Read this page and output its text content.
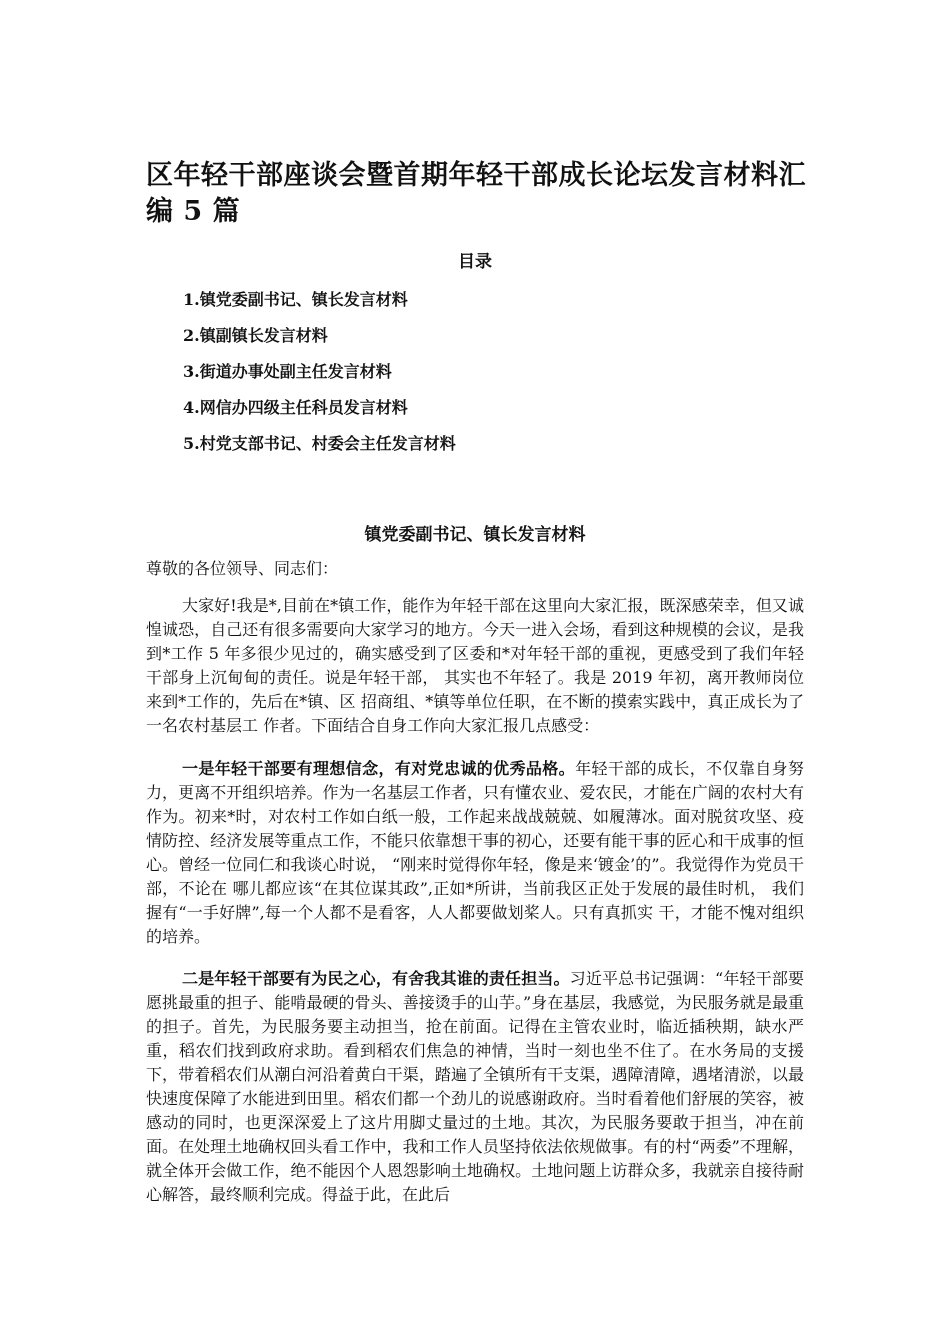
区年轻干部座谈会暨首期年轻干部成长论坛发言材料汇编 5 篇
目录
1.镇党委副书记、镇长发言材料
2.镇副镇长发言材料
3.街道办事处副主任发言材料
4.网信办四级主任科员发言材料
5.村党支部书记、村委会主任发言材料
镇党委副书记、镇长发言材料

尊敬的各位领导、同志们：

大家好!我是*,目前在*镇工作，能作为年轻干部在这里向大家汇报，既深感荣幸，但又诚惶诚恐，自己还有很多需要向大家学习的地方。今天一进入会场，看到这种规模的会议，是我到*工作 5 年多很少见过的，确实感受到了区委和*对年轻干部的重视，更感受到了我们年轻干部身上沉甸甸的责任。说是年轻干部， 其实也不年轻了。我是 2019 年初，离开教师岗位来到*工作的，先后在*镇、区 招商组、*镇等单位任职，在不断的摸索实践中，真正成长为了一名农村基层工 作者。下面结合自身工作向大家汇报几点感受：

一是年轻干部要有理想信念，有对党忠诚的优秀品格。年轻干部的成长，不仅靠自身努力，更离不开组织培养。作为一名基层工作者，只有懂农业、爱农民，才能在广阔的农村大有作为。初来*时，对农村工作如白纸一般，工作起来战战兢兢、如履薄冰。面对脱贫攻坚、疫情防控、经济发展等重点工作，不能只依靠想干事的初心，还要有能干事的匠心和干成事的恒心。曾经一位同仁和我谈心时说， “刚来时觉得你年轻，像是来‘镀金’的”。我觉得作为党员干部，不论在 哪儿都应该“在其位谋其政”,正如*所讲，当前我区正处于发展的最佳时机， 我们握有“一手好牌”,每一个人都不是看客，人人都要做划桨人。只有真抓实 干，才能不愧对组织的培养。

二是年轻干部要有为民之心，有舍我其谁的责任担当。习近平总书记强调：“年轻干部要愿挑最重的担子、能啃最硬的骨头、善接烫手的山芋。”身在基层，我感觉，为民服务就是最重的担子。首先，为民服务要主动担当，抢在前面。记得在主管农业时，临近插秧期，缺水严重，稻农们找到政府求助。看到稻农们焦急的神情，当时一刻也坐不住了。在水务局的支援下，带着稻农们从潮白河沿着黄白干渠，踏遍了全镇所有干支渠，遇障清障，遇堵清淤，以最快速度保障了水能进到田里。稻农们都一个劲儿的说感谢政府。当时看着他们舒展的笑容，被感动的同时，也更深深爱上了这片用脚丈量过的土地。其次，为民服务要敢于担当，冲在前面。在处理土地确权回头看工作中，我和工作人员坚持依法依规做事。有的村“两委”不理解，就全体开会做工作，绝不能因个人恩怨影响土地确权。土地问题上访群众多，我就亲自接待耐心解答，最终顺利完成。得益于此，在此后
